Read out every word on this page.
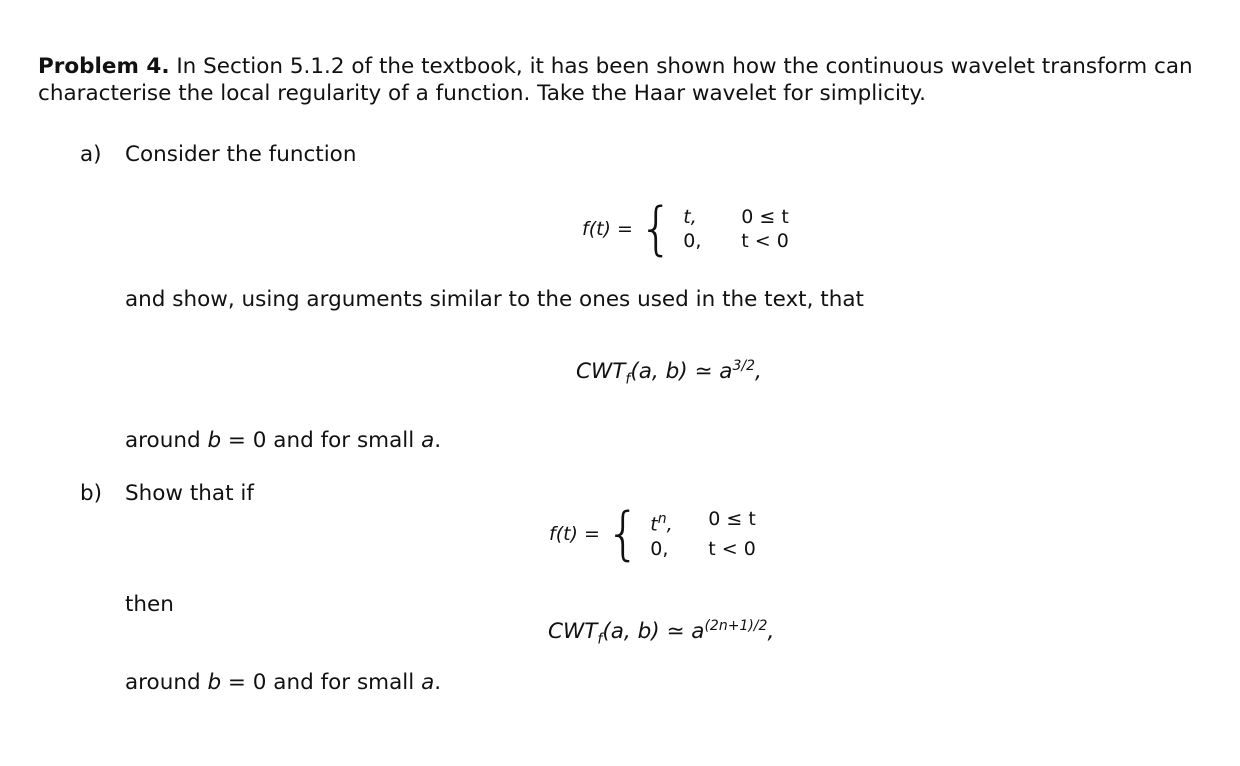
Problem 4. In Section 5.1.2 of the textbook, it has been shown how the continuous wavelet transform can characterise the local regularity of a function. Take the Haar wavelet for simplicity.
a) Consider the function
f(t) = { t,	0 ≤ t
0,	t < 0
and show, using arguments similar to the ones used in the text, that
$CWT_f(a$, b) ≃ $a^{3/2}$,
around b = 0 and for small a.
b) Show that if
f(t) = { $t^n$,	0 ≤ t
0,	t < 0
then
$CWT_f(a$, b) ≃ $a^{(2n+1)/2}$,
around b = 0 and for small a.
